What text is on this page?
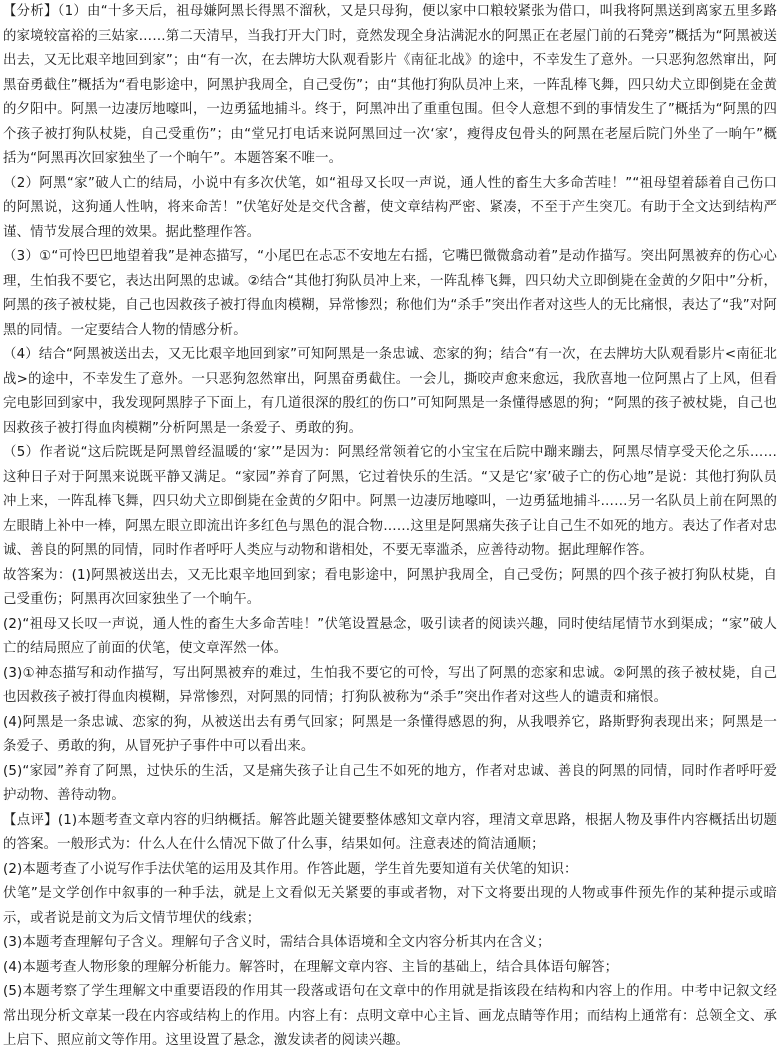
【分析】（1）由“十多天后，祖母嫌阿黑长得黑不溜秋，又是只母狗，便以家中口粮较紧张为借口，叫我将阿黑送到离家五里多路的家境较富裕的三姑家……第二天清早，当我打开大门时，竟然发现全身沾满泥水的阿黑正在老屋门前的石凳旁”概括为“阿黑被送出去，又无比艰辛地回到家”；由“有一次，在去牌坊大队观看影片《南征北战》的途中，不幸发生了意外。一只恶狗忽然窜出，阿黑奋勇截住”概括为“看电影途中，阿黑护我周全，自己受伤”；由“其他打狗队员冲上来，一阵乱棒飞舞，四只幼犬立即倒毙在金黄的夕阳中。阿黑一边凄厉地嚎叫，一边勇猛地捕斗。终于，阿黑冲出了重重包围。但令人意想不到的事情发生了”概括为“阿黑的四个孩子被打狗队杖毙，自己受重伤”；由“堂兄打电话来说阿黑回过一次‘家’，瘦得皮包骨头的阿黑在老屋后院门外坐了一晌午”概括为“阿黑再次回家独坐了一个晌午”。本题答案不唯一。

（2）阿黑“家”破人亡的结局，小说中有多次伏笔，如“祖母又长叹一声说，通人性的畜生大多命苦哇！”“祖母望着舔着自己伤口的阿黑说，这狗通人性呐，将来命苦！”伏笔好处是交代含蓄，使文章结构严密、紧凑，不至于产生突兀。有助于全文达到结构严谨、情节发展合理的效果。据此整理作答。

（3）①“可怜巴巴地望着我”是神态描写，“小尾巴在忐忑不安地左右摇，它嘴巴微微翕动着”是动作描写。突出阿黑被弃的伤心心理，生怕我不要它，表达出阿黑的忠诚。②结合“其他打狗队员冲上来，一阵乱棒飞舞，四只幼犬立即倒毙在金黄的夕阳中”分析，阿黑的孩子被杖毙，自己也因救孩子被打得血肉模糊，异常惨烈；称他们为“杀手”突出作者对这些人的无比痛恨，表达了“我”对阿黑的同情。一定要结合人物的情感分析。

（4）结合“阿黑被送出去，又无比艰辛地回到家”可知阿黑是一条忠诚、恋家的狗；结合“有一次，在去牌坊大队观看影片<南征北战>的途中，不幸发生了意外。一只恶狗忽然窜出，阿黑奋勇截住。一会儿，撕咬声愈来愈远，我欣喜地一位阿黑占了上风，但看完电影回到家中，我发现阿黑脖子下面上，有几道很深的殷红的伤口”可知阿黑是一条懂得感恩的狗；“阿黑的孩子被杖毙，自己也因救孩子被打得血肉模糊”分析阿黑是一条爱子、勇敢的狗。

（5）作者说“这后院既是阿黑曾经温暖的‘家’”是因为：阿黑经常领着它的小宝宝在后院中蹦来蹦去，阿黑尽情享受天伦之乐……这种日子对于阿黑来说既平静又满足。“家园”养育了阿黑，它过着快乐的生活。“又是它‘家’破子亡的伤心地”是说：其他打狗队员冲上来，一阵乱棒飞舞，四只幼犬立即倒毙在金黄的夕阳中。阿黑一边凄厉地嚎叫，一边勇猛地捕斗……另一名队员上前在阿黑的左眼睛上补中一棒，阿黑左眼立即流出许多红色与黑色的混合物……这里是阿黑痛失孩子让自己生不如死的地方。表达了作者对忠诚、善良的阿黑的同情，同时作者呼吁人类应与动物和谐相处，不要无辜滥杀，应善待动物。据此理解作答。

故答案为：(1)阿黑被送出去，又无比艰辛地回到家；看电影途中，阿黑护我周全，自己受伤；阿黑的四个孩子被打狗队杖毙，自己受重伤；阿黑再次回家独坐了一个晌午。

(2)“祖母又长叹一声说，通人性的畜生大多命苦哇！”伏笔设置悬念，吸引读者的阅读兴趣，同时使结尾情节水到渠成；“家”破人亡的结局照应了前面的伏笔，使文章浑然一体。

(3)①神态描写和动作描写，写出阿黑被弃的难过，生怕我不要它的可怜，写出了阿黑的恋家和忠诚。②阿黑的孩子被杖毙，自己也因救孩子被打得血肉模糊，异常惨烈，对阿黑的同情；打狗队被称为“杀手”突出作者对这些人的谴责和痛恨。

(4)阿黑是一条忠诚、恋家的狗，从被送出去有勇气回家；阿黑是一条懂得感恩的狗，从我喂养它，路斯野狗表现出来；阿黑是一条爱子、勇敢的狗，从冒死护子事件中可以看出来。

(5)“家园”养育了阿黑，过快乐的生活，又是痛失孩子让自己生不如死的地方，作者对忠诚、善良的阿黑的同情，同时作者呼吁爱护动物、善待动物。

【点评】(1)本题考查文章内容的归纳概括。解答此题关键要整体感知文章内容，理清文章思路，根据人物及事件内容概括出切题的答案。一般形式为：什么人在什么情况下做了什么事，结果如何。注意表述的简洁通顺；

(2)本题考查了小说写作手法伏笔的运用及其作用。作答此题，学生首先要知道有关伏笔的知识：

伏笔”是文学创作中叙事的一种手法，就是上文看似无关紧要的事或者物，对下文将要出现的人物或事件预先作的某种提示或暗示，或者说是前文为后文情节埋伏的线索；

(3)本题考查理解句子含义。理解句子含义时，需结合具体语境和全文内容分析其内在含义；

(4)本题考查人物形象的理解分析能力。解答时，在理解文章内容、主旨的基础上，结合具体语句解答；

(5)本题考察了学生理解文中重要语段的作用其一段落或语句在文章中的作用就是指该段在结构和内容上的作用。中考中记叙文经常出现分析文章某一段在内容或结构上的作用。内容上有：点明文章中心主旨、画龙点睛等作用；而结构上通常有：总领全文、承上启下、照应前文等作用。这里设置了悬念，激发读者的阅读兴趣。
